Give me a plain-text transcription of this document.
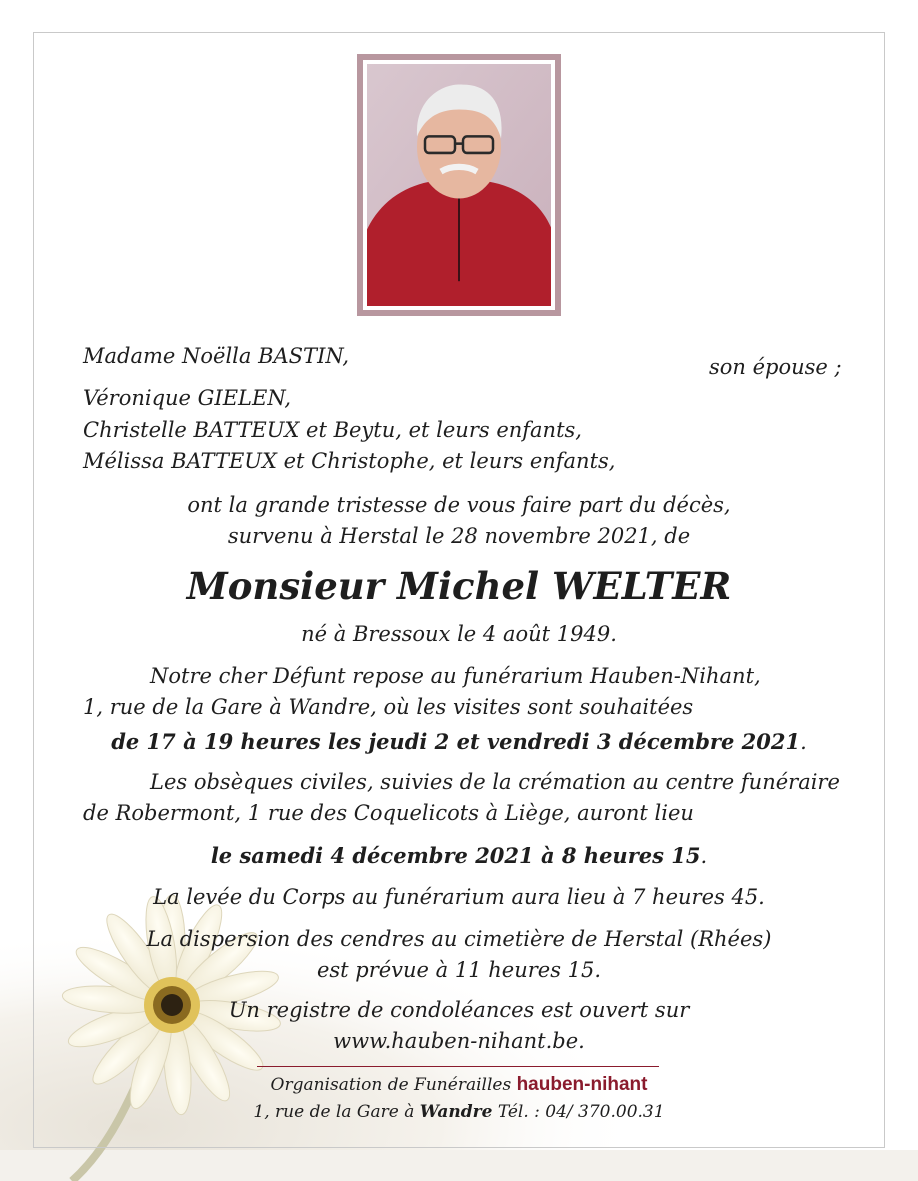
Madame Noëlla BASTIN,	son épouse ;
Véronique GIELEN,
Christelle BATTEUX et Beytu, et leurs enfants,
Mélissa BATTEUX et Christophe, et leurs enfants,
ont la grande tristesse de vous faire part du décès,
survenu à Herstal le 28 novembre 2021, de
Monsieur Michel WELTER
né à Bressoux le 4 août 1949.
Notre cher Défunt repose au funérarium Hauben-Nihant,
1, rue de la Gare à Wandre, où les visites sont souhaitées
de 17 à 19 heures les jeudi 2 et vendredi 3 décembre 2021.
Les obsèques civiles, suivies de la crémation au centre funéraire
de Robermont, 1 rue des Coquelicots à Liège, auront lieu
le samedi 4 décembre 2021 à 8 heures 15.
La levée du Corps au funérarium aura lieu à 7 heures 45.
La dispersion des cendres au cimetière de Herstal (Rhées)
est prévue à 11 heures 15.
Un registre de condoléances est ouvert sur
www.hauben-nihant.be.
Organisation de Funérailles hauben-nihant
1, rue de la Gare à Wandre Tél. : 04/ 370.00.31
